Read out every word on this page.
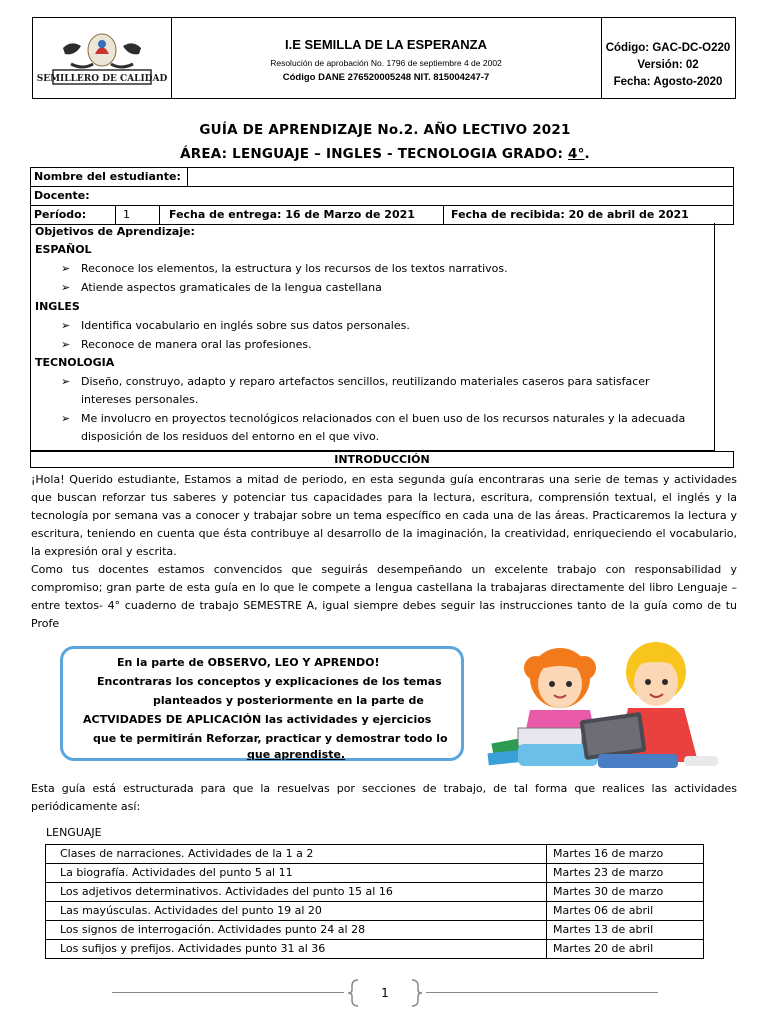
SEMILLERO DE CALIDAD
I.E SEMILLA DE LA ESPERANZA
Resolución de aprobación No. 1796 de septiembre 4 de 2002
Código DANE 276520005248 NIT. 815004247-7
Código: GAC-DC-O220
Versión: 02
Fecha: Agosto-2020
GUÍA DE APRENDIZAJE No.2. AÑO LECTIVO 2021
ÁREA: LENGUAJE – INGLES - TECNOLOGIA GRADO: 4°.
Nombre del estudiante:
Docente:
Período:	1	Fecha de entrega: 16 de Marzo de 2021	Fecha de recibida: 20 de abril de 2021
Objetivos de Aprendizaje:
ESPAÑOL
➢ Reconoce los elementos, la estructura y los recursos de los textos narrativos.
➢ Atiende aspectos gramaticales de la lengua castellana
INGLES
➢ Identifica vocabulario en inglés sobre sus datos personales.
➢ Reconoce de manera oral las profesiones.
TECNOLOGIA
➢ Diseño, construyo, adapto y reparo artefactos sencillos, reutilizando materiales caseros para satisfacer
intereses personales.
➢ Me involucro en proyectos tecnológicos relacionados con el buen uso de los recursos naturales y la adecuada
disposición de los residuos del entorno en el que vivo.
INTRODUCCIÓN
¡Hola! Querido estudiante, Estamos a mitad de periodo, en esta segunda guía encontraras una serie de temas y actividades que buscan reforzar tus saberes y potenciar tus capacidades para la lectura, escritura, comprensión textual, el inglés y la tecnología por semana vas a conocer y trabajar sobre un tema específico en cada una de las áreas. Practicaremos la lectura y escritura, teniendo en cuenta que ésta contribuye al desarrollo de la imaginación, la creatividad, enriqueciendo el vocabulario, la expresión oral y escrita.
Como tus docentes estamos convencidos que seguirás desempeñando un excelente trabajo con responsabilidad y compromiso; gran parte de esta guía en lo que le compete a lengua castellana la trabajaras directamente del libro Lenguaje –entre textos- 4° cuaderno de trabajo SEMESTRE A, igual siempre debes seguir las instrucciones tanto de la guía como de tu Profe
En la parte de OBSERVO, LEO Y APRENDO!
Encontraras los conceptos y explicaciones de los temas
planteados y posteriormente en la parte de
ACTVIDADES DE APLICACIÓN las actividades y ejercicios
que te permitirán Reforzar, practicar y demostrar todo lo
que aprendiste.
Esta guía está estructurada para que la resuelvas por secciones de trabajo, de tal forma que realices las actividades periódicamente así:
LENGUAJE
Clases de narraciones. Actividades de la 1 a 2	Martes 16 de marzo
La biografía. Actividades del punto 5 al 11	Martes 23 de marzo
Los adjetivos determinativos. Actividades del punto 15 al 16	Martes 30 de marzo
Las mayúsculas. Actividades del punto 19 al 20	Martes 06 de abril
Los signos de interrogación. Actividades punto 24 al 28	Martes 13 de abril
Los sufijos y prefijos. Actividades punto 31 al 36	Martes 20 de abril
1
